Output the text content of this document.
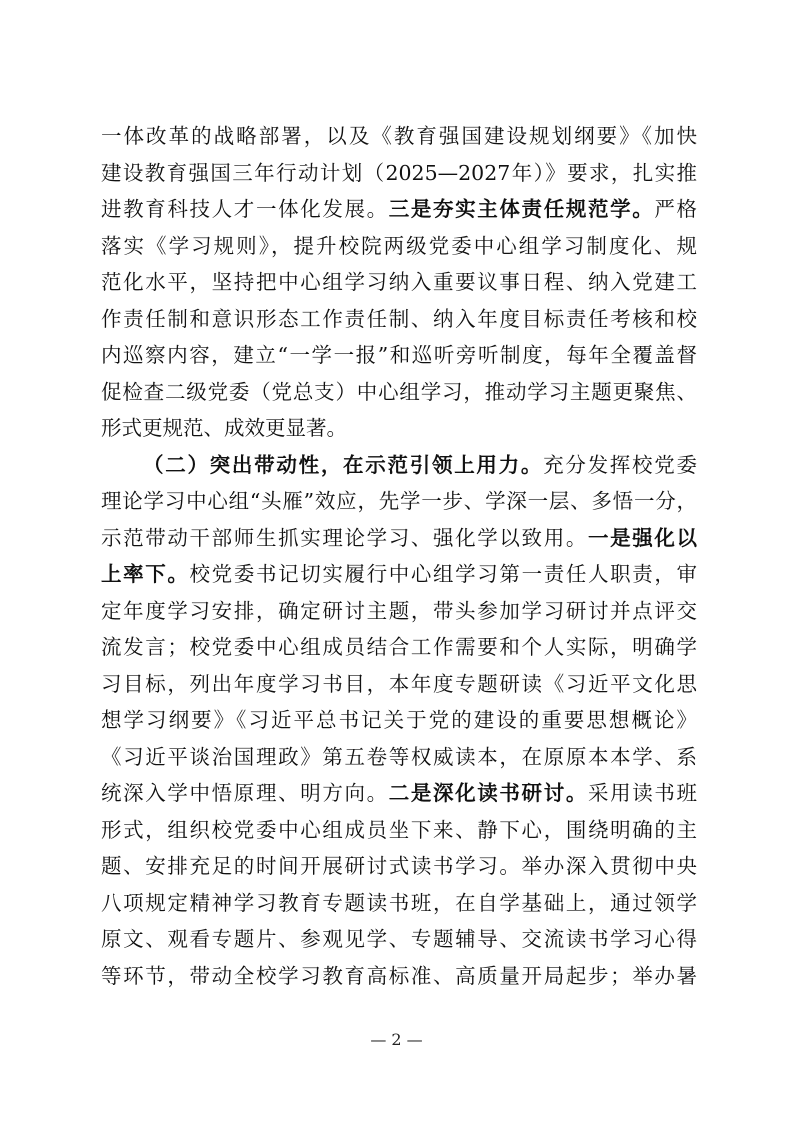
一体改革的战略部署，以及《教育强国建设规划纲要》《加快
建设教育强国三年行动计划（2025—2027年）》要求，扎实推
进教育科技人才一体化发展。三是夯实主体责任规范学。严格
落实《学习规则》，提升校院两级党委中心组学习制度化、规
范化水平，坚持把中心组学习纳入重要议事日程、纳入党建工
作责任制和意识形态工作责任制、纳入年度目标责任考核和校
内巡察内容，建立“一学一报”和巡听旁听制度，每年全覆盖督
促检查二级党委（党总支）中心组学习，推动学习主题更聚焦、
形式更规范、成效更显著。
（二）突出带动性，在示范引领上用力。充分发挥校党委
理论学习中心组“头雁”效应，先学一步、学深一层、多悟一分，
示范带动干部师生抓实理论学习、强化学以致用。一是强化以
上率下。校党委书记切实履行中心组学习第一责任人职责，审
定年度学习安排，确定研讨主题，带头参加学习研讨并点评交
流发言；校党委中心组成员结合工作需要和个人实际，明确学
习目标，列出年度学习书目，本年度专题研读《习近平文化思
想学习纲要》《习近平总书记关于党的建设的重要思想概论》
《习近平谈治国理政》第五卷等权威读本，在原原本本学、系
统深入学中悟原理、明方向。二是深化读书研讨。采用读书班
形式，组织校党委中心组成员坐下来、静下心，围绕明确的主
题、安排充足的时间开展研讨式读书学习。举办深入贯彻中央
八项规定精神学习教育专题读书班，在自学基础上，通过领学
原文、观看专题片、参观见学、专题辅导、交流读书学习心得
等环节，带动全校学习教育高标准、高质量开局起步；举办暑
— 2 —
